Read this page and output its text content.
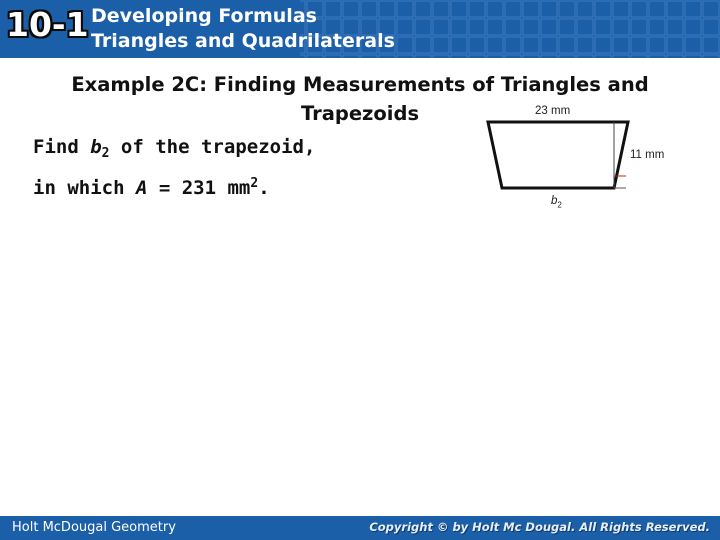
10-1 Developing Formulas
Triangles and Quadrilaterals
Example 2C: Finding Measurements of Triangles and
Trapezoids
Find $b_2$ of the trapezoid,
in which A = 231 $mm^2$.
23 mm
11 mm
$b_2$
Holt McDougal Geometry	Copyright © by Holt Mc Dougal. All Rights Reserved.
